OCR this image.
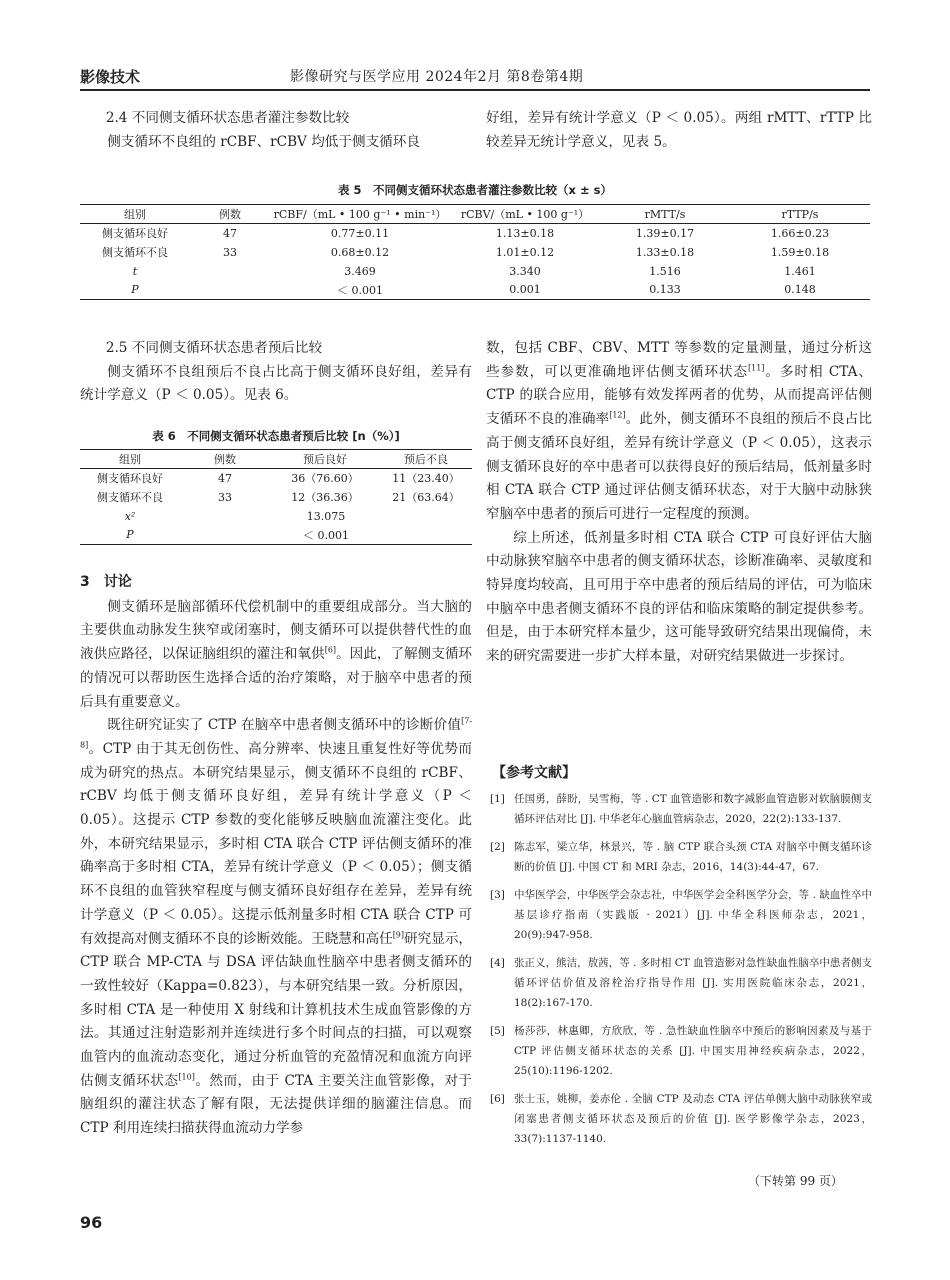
影像技术	影像研究与医学应用 2024年2月 第8卷第4期
2.4 不同侧支循环状态患者灌注参数比较

侧支循环不良组的 rCBF、rCBV 均低于侧支循环良

好组，差异有统计学意义（P ＜ 0.05）。两组 rMTT、rTTP 比较差异无统计学意义，见表 5。

表 5　不同侧支循环状态患者灌注参数比较（x ± s）
组别	例数	rCBF/（mL • 100 g⁻¹ • min⁻¹）	rCBV/（mL • 100 g⁻¹）	rMTT/s	rTTP/s
侧支循环良好	47	0.77±0.11	1.13±0.18	1.39±0.17	1.66±0.23
侧支循环不良	33	0.68±0.12	1.01±0.12	1.33±0.18	1.59±0.18
t		3.469	3.340	1.516	1.461
P		＜ 0.001	0.001	0.133	0.148
2.5 不同侧支循环状态患者预后比较

侧支循环不良组预后不良占比高于侧支循环良好组，差异有统计学意义（P ＜ 0.05）。见表 6。

表 6　不同侧支循环状态患者预后比较 [n（%）]
组别	例数	预后良好	预后不良
侧支循环良好	47	36（76.60）	11（23.40）
侧支循环不良	33	12（36.36）	21（63.64）
x²	13.075		
P	＜ 0.001		
3　讨论

侧支循环是脑部循环代偿机制中的重要组成部分。当大脑的主要供血动脉发生狭窄或闭塞时，侧支循环可以提供替代性的血液供应路径，以保证脑组织的灌注和氧供[6]。因此，了解侧支循环的情况可以帮助医生选择合适的治疗策略，对于脑卒中患者的预后具有重要意义。

既往研究证实了 CTP 在脑卒中患者侧支循环中的诊断价值[7-8]。CTP 由于其无创伤性、高分辨率、快速且重复性好等优势而成为研究的热点。本研究结果显示，侧支循环不良组的 rCBF、rCBV 均低于侧支循环良好组，差异有统计学意义（P ＜ 0.05）。这提示 CTP 参数的变化能够反映脑血流灌注变化。此外，本研究结果显示，多时相 CTA 联合 CTP 评估侧支循环的准确率高于多时相 CTA，差异有统计学意义（P ＜ 0.05）；侧支循环不良组的血管狭窄程度与侧支循环良好组存在差异，差异有统计学意义（P ＜ 0.05）。这提示低剂量多时相 CTA 联合 CTP 可有效提高对侧支循环不良的诊断效能。王晓慧和高任[9]研究显示，CTP 联合 MP-CTA 与 DSA 评估缺血性脑卒中患者侧支循环的一致性较好（Kappa=0.823），与本研究结果一致。分析原因，多时相 CTA 是一种使用 X 射线和计算机技术生成血管影像的方法。其通过注射造影剂并连续进行多个时间点的扫描，可以观察血管内的血流动态变化，通过分析血管的充盈情况和血流方向评估侧支循环状态[10]。然而，由于 CTA 主要关注血管影像，对于脑组织的灌注状态了解有限，无法提供详细的脑灌注信息。而 CTP 利用连续扫描获得血流动力学参

数，包括 CBF、CBV、MTT 等参数的定量测量，通过分析这些参数，可以更准确地评估侧支循环状态[11]。多时相 CTA、CTP 的联合应用，能够有效发挥两者的优势，从而提高评估侧支循环不良的准确率[12]。此外，侧支循环不良组的预后不良占比高于侧支循环良好组，差异有统计学意义（P ＜ 0.05），这表示侧支循环良好的卒中患者可以获得良好的预后结局，低剂量多时相 CTA 联合 CTP 通过评估侧支循环状态，对于大脑中动脉狭窄脑卒中患者的预后可进行一定程度的预测。

综上所述，低剂量多时相 CTA 联合 CTP 可良好评估大脑中动脉狭窄脑卒中患者的侧支循环状态，诊断准确率、灵敏度和特异度均较高，且可用于卒中患者的预后结局的评估，可为临床中脑卒中患者侧支循环不良的评估和临床策略的制定提供参考。但是，由于本研究样本量少，这可能导致研究结果出现偏倚，未来的研究需要进一步扩大样本量，对研究结果做进一步探讨。

【参考文献】
[1] 任国勇，薛盼，吴雪梅，等 . CT 血管造影和数字减影血管造影对软脑膜侧支循环评估对比 [J]. 中华老年心脑血管病杂志，2020，22(2):133-137.
[2] 陈志军，梁立华，林景兴，等 . 脑 CTP 联合头颈 CTA 对脑卒中侧支循环诊断的价值 [J]. 中国 CT 和 MRI 杂志，2016，14(3):44-47，67.
[3] 中华医学会，中华医学会杂志社，中华医学会全科医学分会，等 . 缺血性卒中基层诊疗指南（实践版 · 2021）[J]. 中华全科医师杂志，2021，20(9):947-958.
[4] 张正义，熊洁，敖茜，等 . 多时相 CT 血管造影对急性缺血性脑卒中患者侧支循环评估价值及溶栓治疗指导作用 [J]. 实用医院临床杂志，2021，18(2):167-170.
[5] 杨莎莎，林惠卿，方欣欣，等 . 急性缺血性脑卒中预后的影响因素及与基于 CTP 评估侧支循环状态的关系 [J]. 中国实用神经疾病杂志，2022，25(10):1196-1202.
[6] 张士玉，姚柳，姜赤伦 . 全脑 CTP 及动态 CTA 评估单侧大脑中动脉狭窄或闭塞患者侧支循环状态及预后的价值 [J]. 医学影像学杂志，2023，33(7):1137-1140.
（下转第 99 页）
96
